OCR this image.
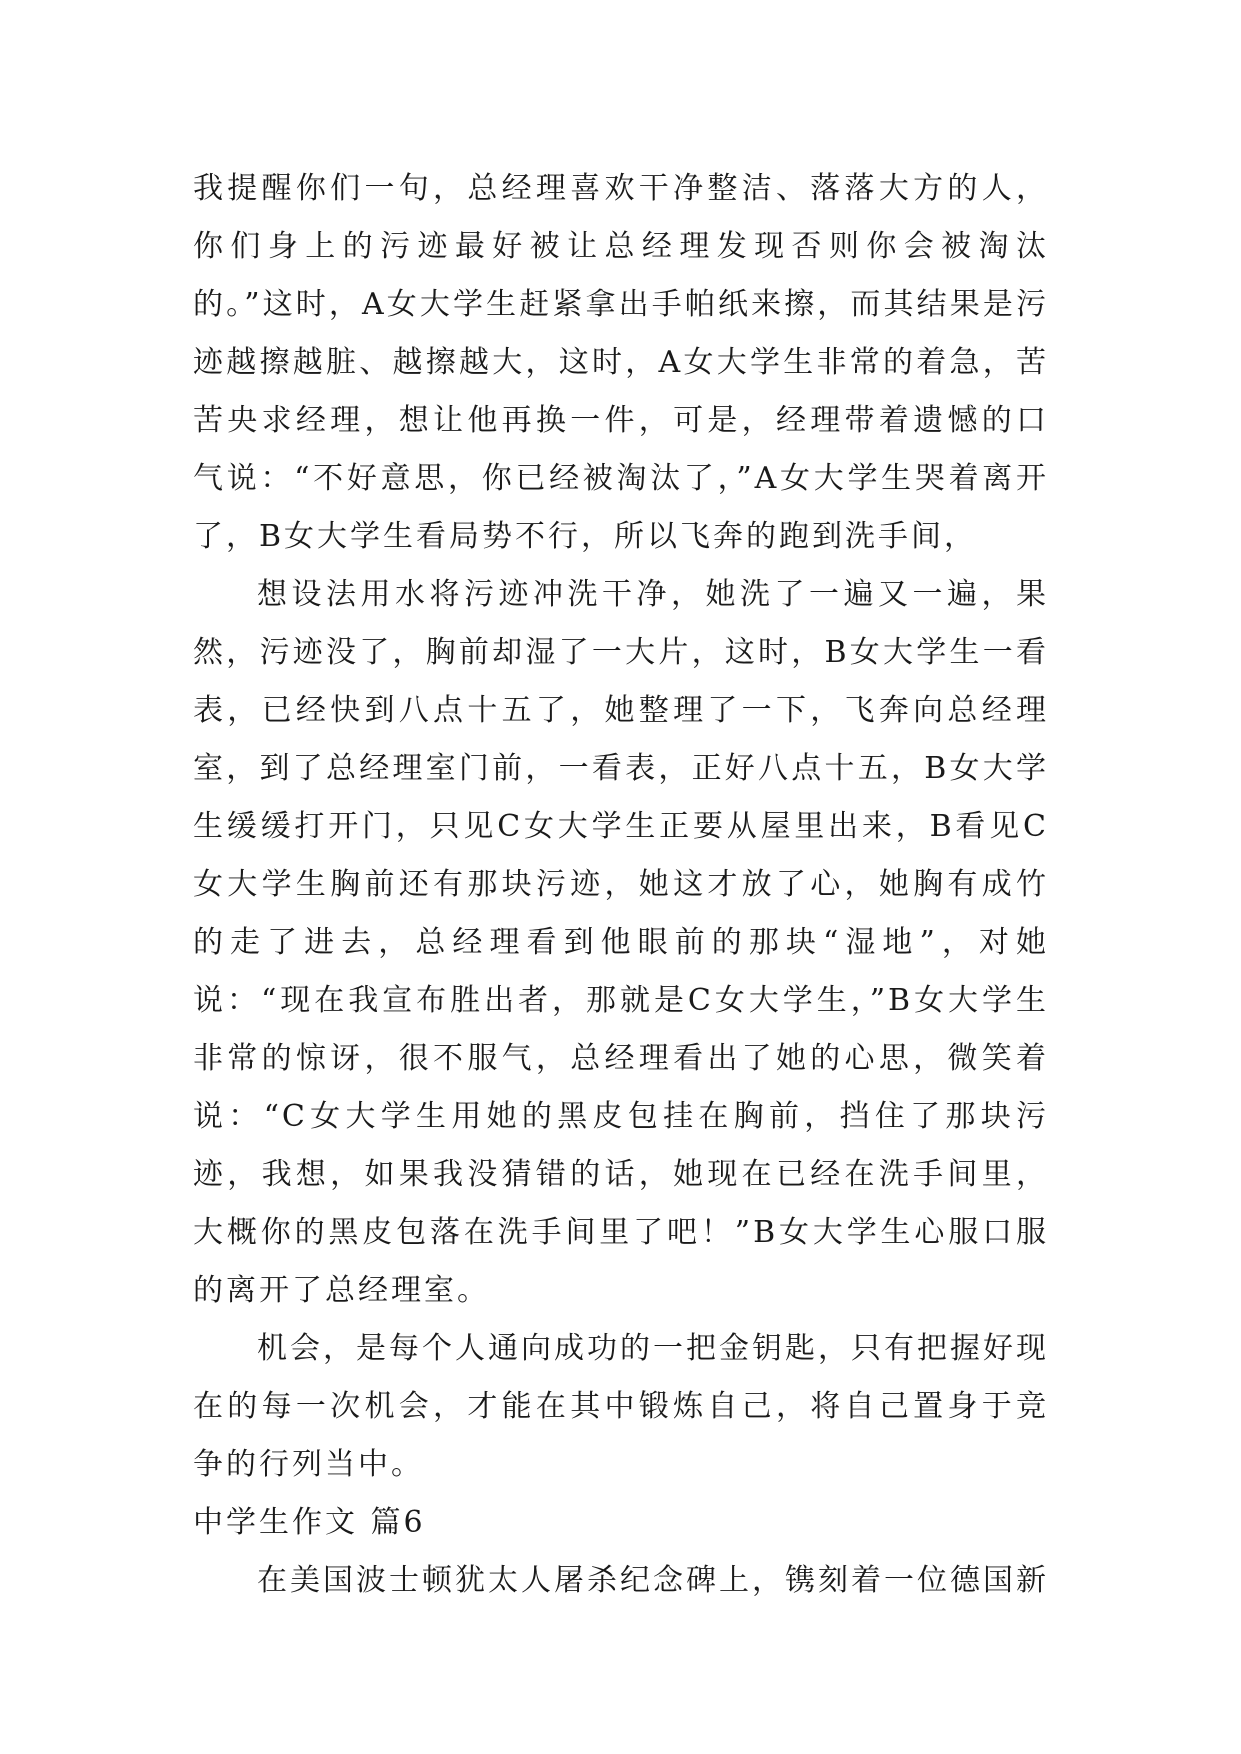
我提醒你们一句，总经理喜欢干净整洁、落落大方的人，你们身上的污迹最好被让总经理发现否则你会被淘汰的。”这时，A女大学生赶紧拿出手帕纸来擦，而其结果是污迹越擦越脏、越擦越大，这时，A女大学生非常的着急，苦苦央求经理，想让他再换一件，可是，经理带着遗憾的口气说：“不好意思，你已经被淘汰了，”A女大学生哭着离开了，B女大学生看局势不行，所以飞奔的跑到洗手间，

想设法用水将污迹冲洗干净，她洗了一遍又一遍，果然，污迹没了，胸前却湿了一大片，这时，B女大学生一看表，已经快到八点十五了，她整理了一下，飞奔向总经理室，到了总经理室门前，一看表，正好八点十五，B女大学生缓缓打开门，只见C女大学生正要从屋里出来，B看见C女大学生胸前还有那块污迹，她这才放了心，她胸有成竹的走了进去，总经理看到他眼前的那块“湿地”，对她说：“现在我宣布胜出者，那就是C女大学生，”B女大学生非常的惊讶，很不服气，总经理看出了她的心思，微笑着说：“C女大学生用她的黑皮包挂在胸前，挡住了那块污迹，我想，如果我没猜错的话，她现在已经在洗手间里，大概你的黑皮包落在洗手间里了吧！”B女大学生心服口服的离开了总经理室。

机会，是每个人通向成功的一把金钥匙，只有把握好现在的每一次机会，才能在其中锻炼自己，将自己置身于竞争的行列当中。

中学生作文 篇6

在美国波士顿犹太人屠杀纪念碑上，镌刻着一位德国新
